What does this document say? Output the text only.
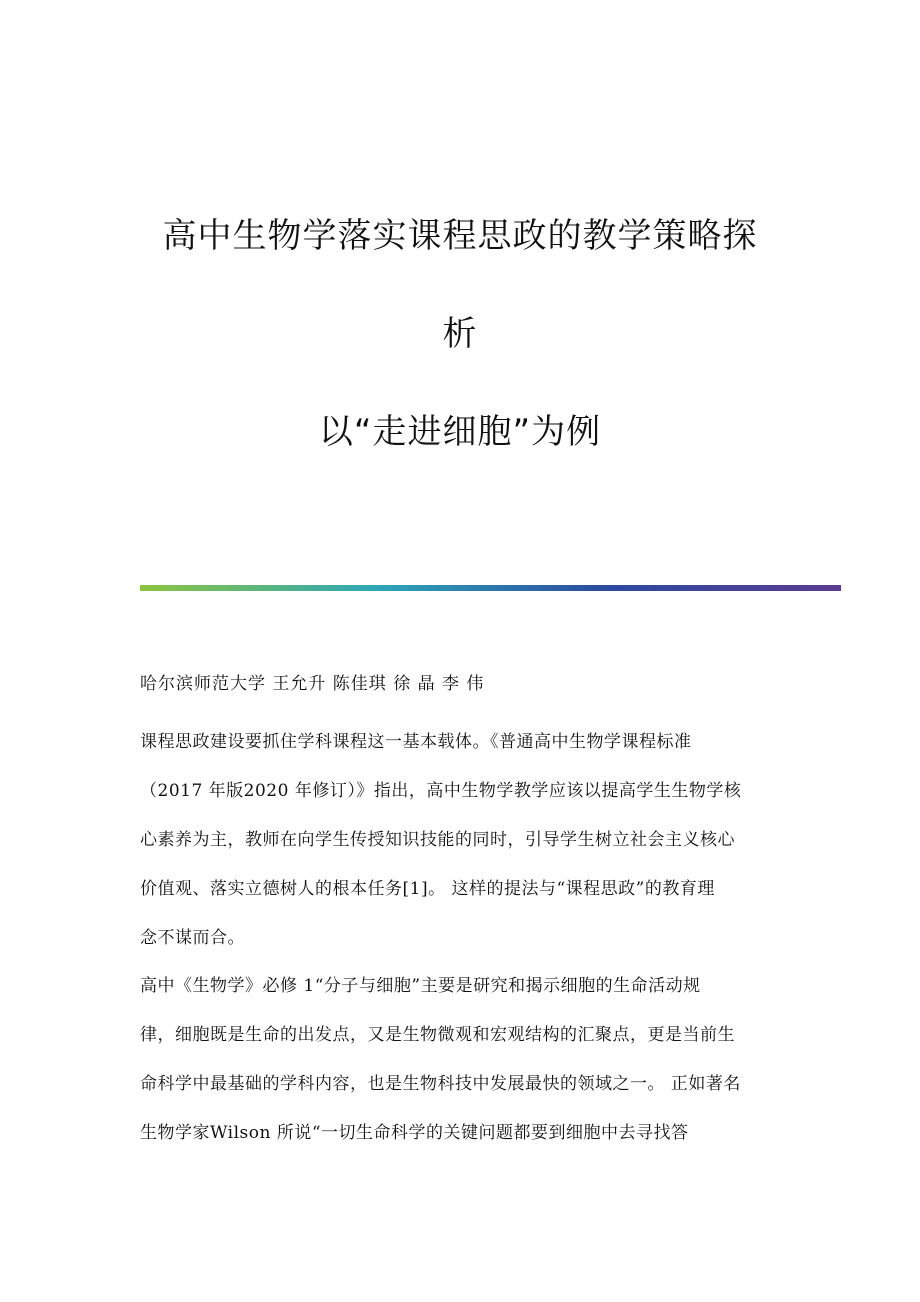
高中生物学落实课程思政的教学策略探
析
以“走进细胞”为例
哈尔滨师范大学 王允升 陈佳琪 徐 晶 李 伟
课程思政建设要抓住学科课程这一基本载体。《普通高中生物学课程标准
（2017 年版2020 年修订）》指出，高中生物学教学应该以提高学生生物学核
心素养为主，教师在向学生传授知识技能的同时，引导学生树立社会主义核心
价值观、落实立德树人的根本任务[1]。 这样的提法与“课程思政”的教育理
念不谋而合。
高中《生物学》必修 1“分子与细胞”主要是研究和揭示细胞的生命活动规
律，细胞既是生命的出发点，又是生物微观和宏观结构的汇聚点，更是当前生
命科学中最基础的学科内容，也是生物科技中发展最快的领域之一。 正如著名
生物学家Wilson 所说“一切生命科学的关键问题都要到细胞中去寻找答
